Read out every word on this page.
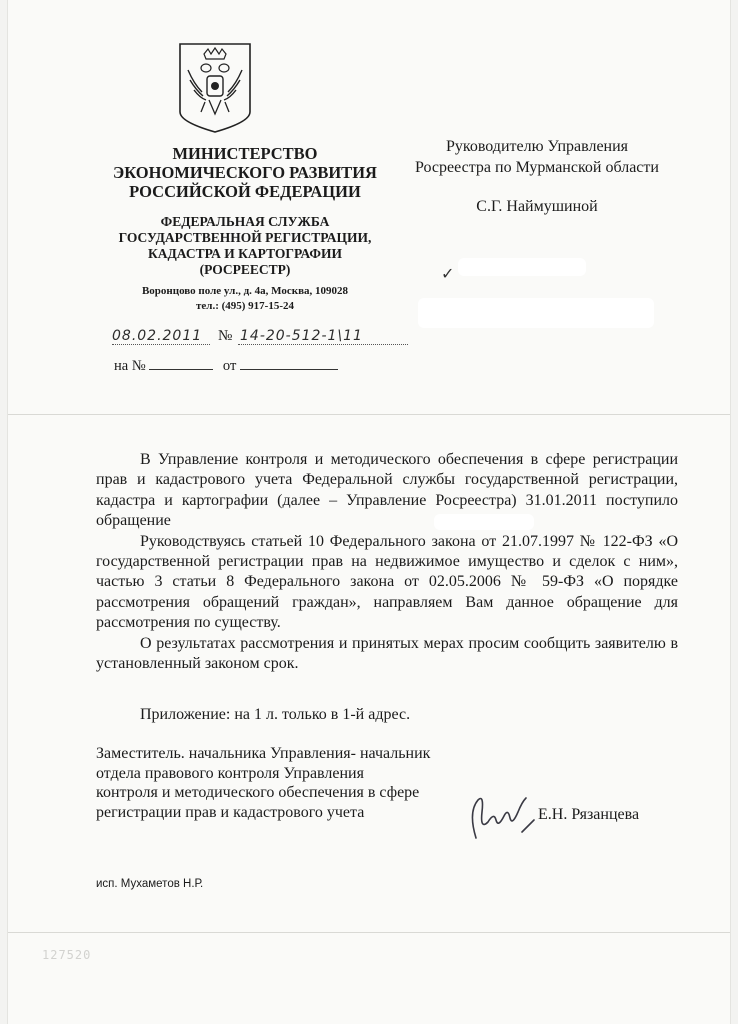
МИНИСТЕРСТВО
ЭКОНОМИЧЕСКОГО РАЗВИТИЯ
РОССИЙСКОЙ ФЕДЕРАЦИИ
ФЕДЕРАЛЬНАЯ СЛУЖБА
ГОСУДАРСТВЕННОЙ РЕГИСТРАЦИИ,
КАДАСТРА И КАРТОГРАФИИ
(РОСРЕЕСТР)
Воронцово поле ул., д. 4а, Москва, 109028
тел.: (495) 917-15-24
Руководителю Управления
Росреестра по Мурманской области
С.Г. Наймушиной
✓
08.02.2011 № 14-20-512-1\11
на №	от

В Управление контроля и методического обеспечения в сфере регистрации прав и кадастрового учета Федеральной службы государственной регистрации, кадастра и картографии (далее – Управление Росреестра) 31.01.2011 поступило обращение

Руководствуясь статьей 10 Федерального закона от 21.07.1997 № 122-ФЗ «О государственной регистрации прав на недвижимое имущество и сделок с ним», частью 3 статьи 8 Федерального закона от 02.05.2006 № 59-ФЗ «О порядке рассмотрения обращений граждан», направляем Вам данное обращение для рассмотрения по существу.

О результатах рассмотрения и принятых мерах просим сообщить заявителю в установленный законом срок.

Приложение: на 1 л. только в 1-й адрес.
Заместитель. начальника Управления- начальник
отдела правового контроля Управления
контроля и методического обеспечения в сфере
регистрации прав и кадастрового учета	Е.Н. Рязанцева
исп. Мухаметов Н.Р.
127520
